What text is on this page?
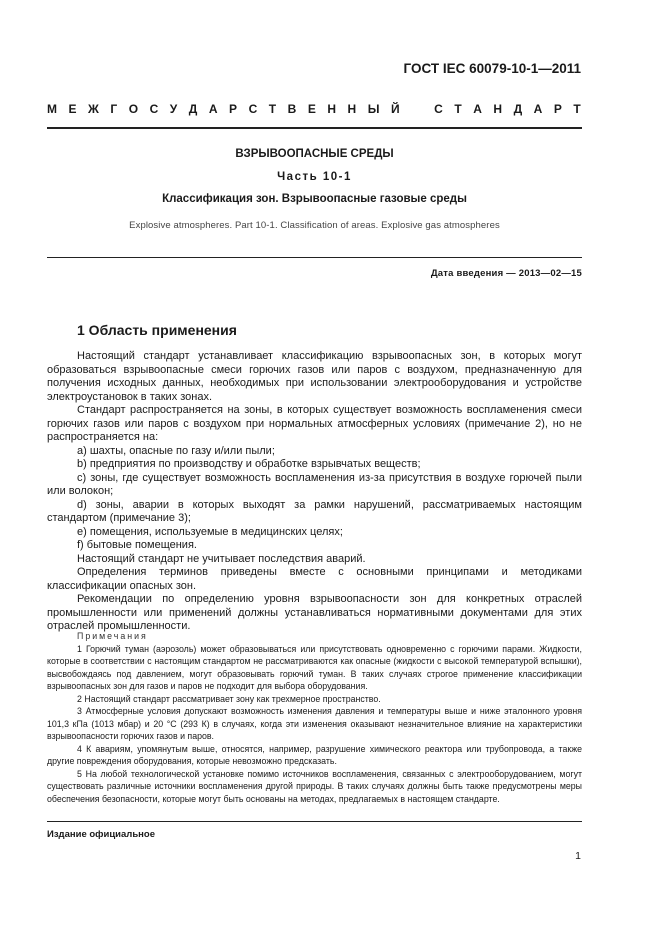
ГОСТ IEC 60079-10-1—2011
М Е Ж Г О С У Д А Р С Т В Е Н Н Ы Й	С Т А Н Д А Р Т
ВЗРЫВООПАСНЫЕ СРЕДЫ
Часть 10-1
Классификация зон. Взрывоопасные газовые среды
Explosive atmospheres. Part 10-1. Classification of areas. Explosive gas atmospheres
Дата введения — 2013—02—15
1 Область применения

Настоящий стандарт устанавливает классификацию взрывоопасных зон, в которых могут образоваться взрывоопасные смеси горючих газов или паров с воздухом, предназначенную для получения исходных данных, необходимых при использовании электрооборудования и устройстве электроустановок в таких зонах.

Стандарт распространяется на зоны, в которых существует возможность воспламенения смеси горючих газов или паров с воздухом при нормальных атмосферных условиях (примечание 2), но не распространяется на:

a) шахты, опасные по газу и/или пыли;

b) предприятия по производству и обработке взрывчатых веществ;

c) зоны, где существует возможность воспламенения из-за присутствия в воздухе горючей пыли или волокон;

d) зоны, аварии в которых выходят за рамки нарушений, рассматриваемых настоящим стандартом (примечание 3);

e) помещения, используемые в медицинских целях;

f) бытовые помещения.

Настоящий стандарт не учитывает последствия аварий.

Определения терминов приведены вместе с основными принципами и методиками классификации опасных зон.

Рекомендации по определению уровня взрывоопасности зон для конкретных отраслей промышленности или применений должны устанавливаться нормативными документами для этих отраслей промышленности.

Примечания

1 Горючий туман (аэрозоль) может образовываться или присутствовать одновременно с горючими парами. Жидкости, которые в соответствии с настоящим стандартом не рассматриваются как опасные (жидкости с высокой температурой вспышки), высвобождаясь под давлением, могут образовывать горючий туман. В таких случаях строгое применение классификации взрывоопасных зон для газов и паров не подходит для выбора оборудования.

2 Настоящий стандарт рассматривает зону как трехмерное пространство.

3 Атмосферные условия допускают возможность изменения давления и температуры выше и ниже эталонного уровня 101,3 кПа (1013 мбар) и 20 °С (293 К) в случаях, когда эти изменения оказывают незначительное влияние на характеристики взрывоопасности горючих газов и паров.

4 К авариям, упомянутым выше, относятся, например, разрушение химического реактора или трубопровода, а также другие повреждения оборудования, которые невозможно предсказать.

5 На любой технологической установке помимо источников воспламенения, связанных с электрооборудованием, могут существовать различные источники воспламенения другой природы. В таких случаях должны быть также предусмотрены меры обеспечения безопасности, которые могут быть основаны на методах, предлагаемых в настоящем стандарте.

Издание официальное
1
